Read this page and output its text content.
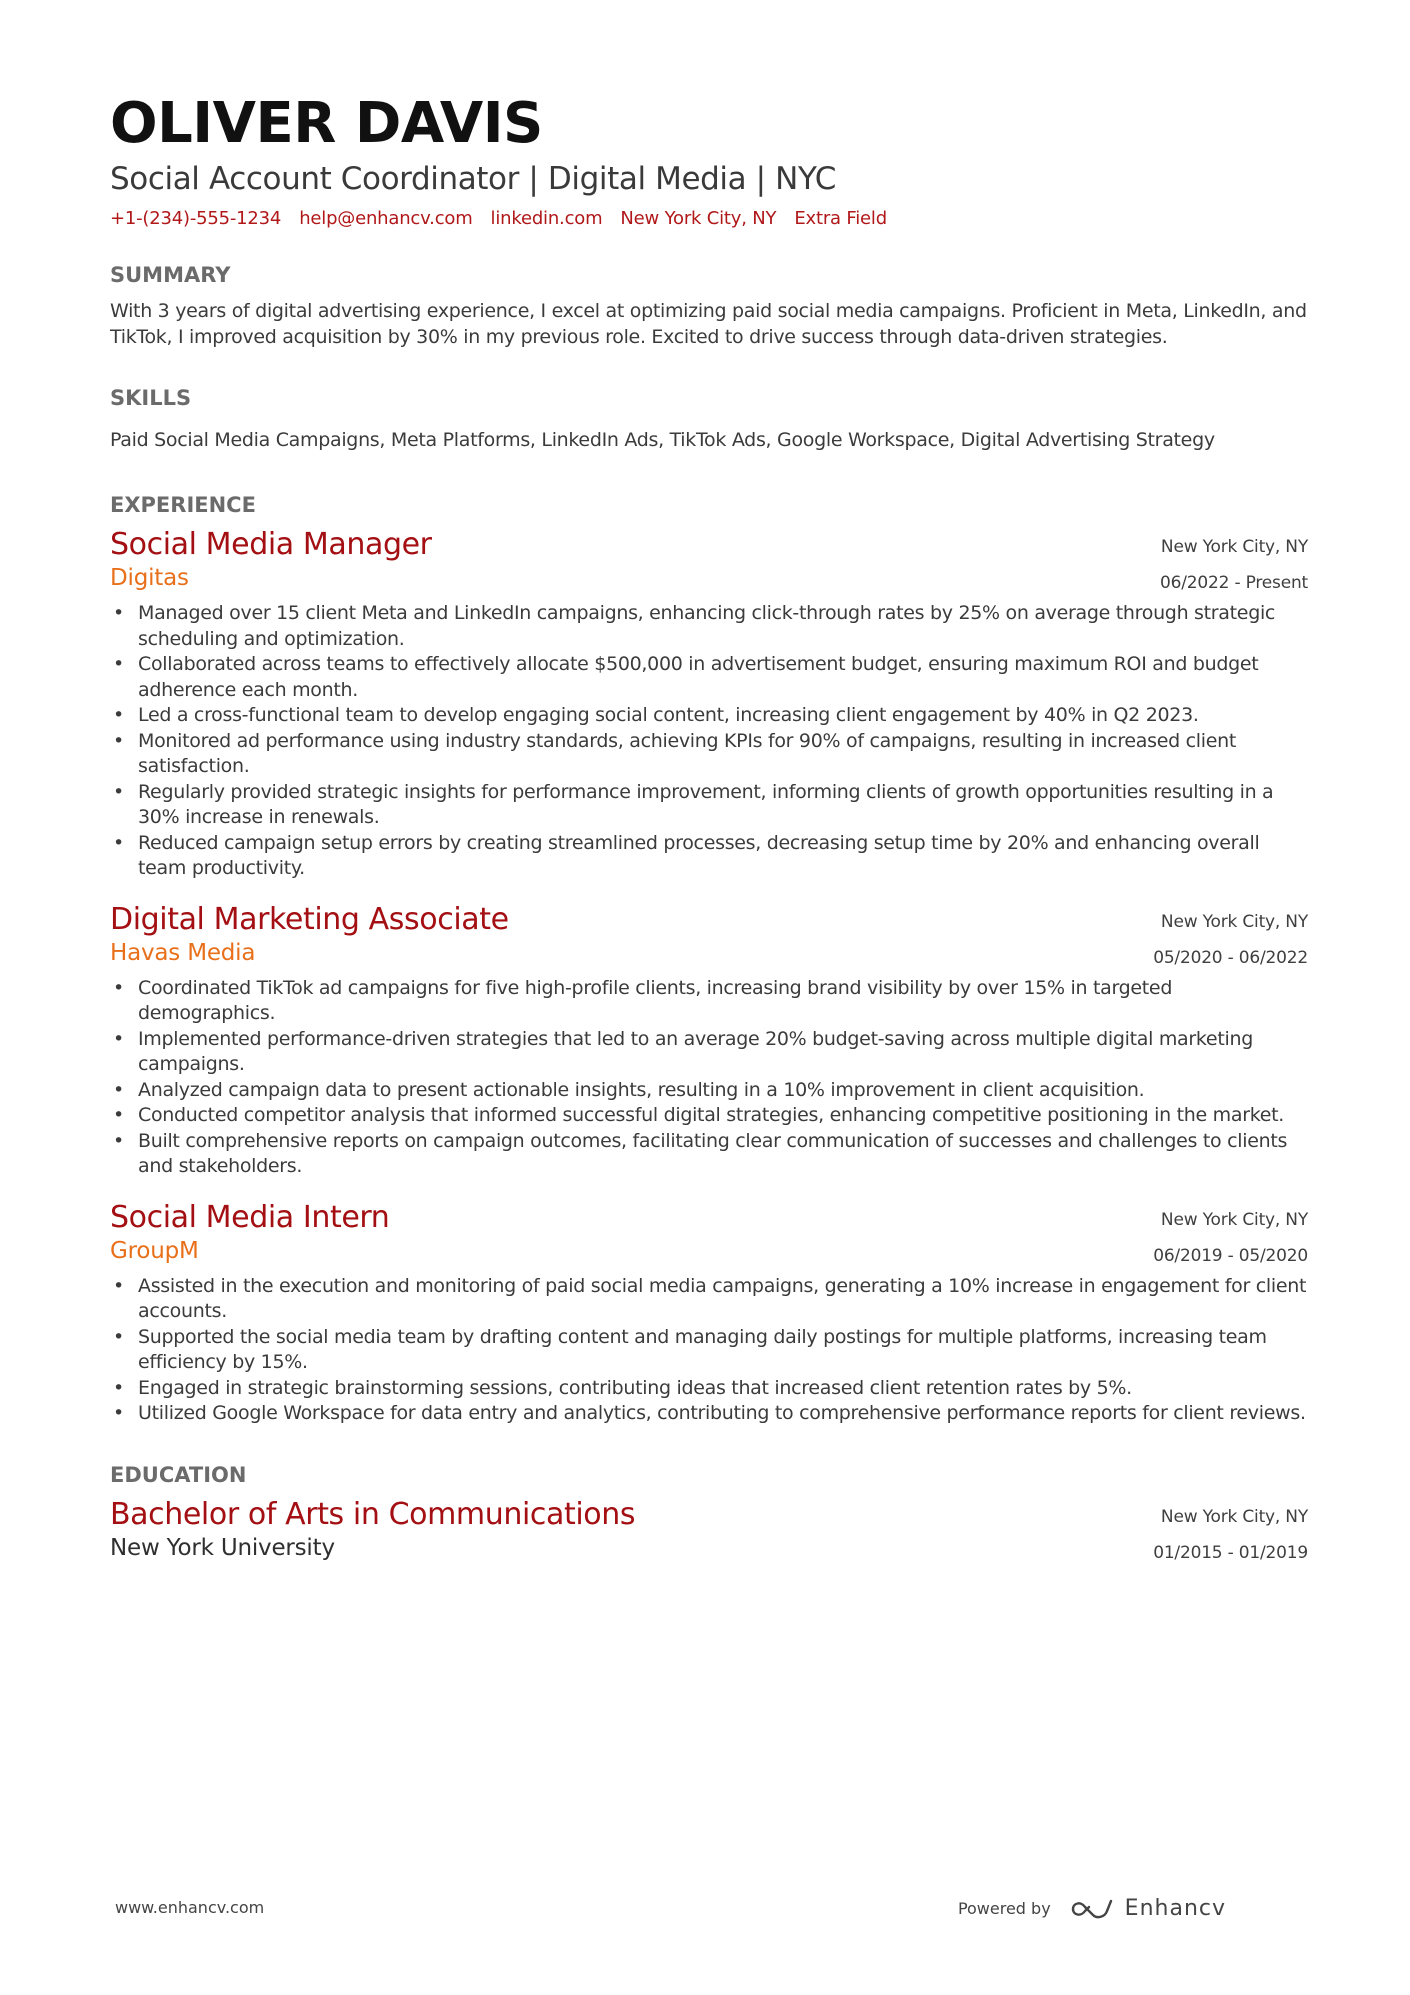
OLIVER DAVIS
Social Account Coordinator | Digital Media | NYC
+1-(234)-555-1234 help@enhancv.com linkedin.com New York City, NY Extra Field
SUMMARY
With 3 years of digital advertising experience, I excel at optimizing paid social media campaigns. Proficient in Meta, LinkedIn, and TikTok, I improved acquisition by 30% in my previous role. Excited to drive success through data-driven strategies.
SKILLS
Paid Social Media Campaigns, Meta Platforms, LinkedIn Ads, TikTok Ads, Google Workspace, Digital Advertising Strategy
EXPERIENCE
Social Media Manager
Digitas
New York City, NY
06/2022 - Present
• Managed over 15 client Meta and LinkedIn campaigns, enhancing click-through rates by 25% on average through strategic scheduling and optimization.
• Collaborated across teams to effectively allocate $500,000 in advertisement budget, ensuring maximum ROI and budget adherence each month.
• Led a cross-functional team to develop engaging social content, increasing client engagement by 40% in Q2 2023.
• Monitored ad performance using industry standards, achieving KPIs for 90% of campaigns, resulting in increased client satisfaction.
• Regularly provided strategic insights for performance improvement, informing clients of growth opportunities resulting in a 30% increase in renewals.
• Reduced campaign setup errors by creating streamlined processes, decreasing setup time by 20% and enhancing overall team productivity.
Digital Marketing Associate
Havas Media
New York City, NY
05/2020 - 06/2022
• Coordinated TikTok ad campaigns for five high-profile clients, increasing brand visibility by over 15% in targeted demographics.
• Implemented performance-driven strategies that led to an average 20% budget-saving across multiple digital marketing campaigns.
• Analyzed campaign data to present actionable insights, resulting in a 10% improvement in client acquisition.
• Conducted competitor analysis that informed successful digital strategies, enhancing competitive positioning in the market.
• Built comprehensive reports on campaign outcomes, facilitating clear communication of successes and challenges to clients and stakeholders.
Social Media Intern
GroupM
New York City, NY
06/2019 - 05/2020
• Assisted in the execution and monitoring of paid social media campaigns, generating a 10% increase in engagement for client accounts.
• Supported the social media team by drafting content and managing daily postings for multiple platforms, increasing team efficiency by 15%.
• Engaged in strategic brainstorming sessions, contributing ideas that increased client retention rates by 5%.
• Utilized Google Workspace for data entry and analytics, contributing to comprehensive performance reports for client reviews.
EDUCATION
Bachelor of Arts in Communications
New York University
New York City, NY
01/2015 - 01/2019
www.enhancv.com	Powered by	Enhancv
